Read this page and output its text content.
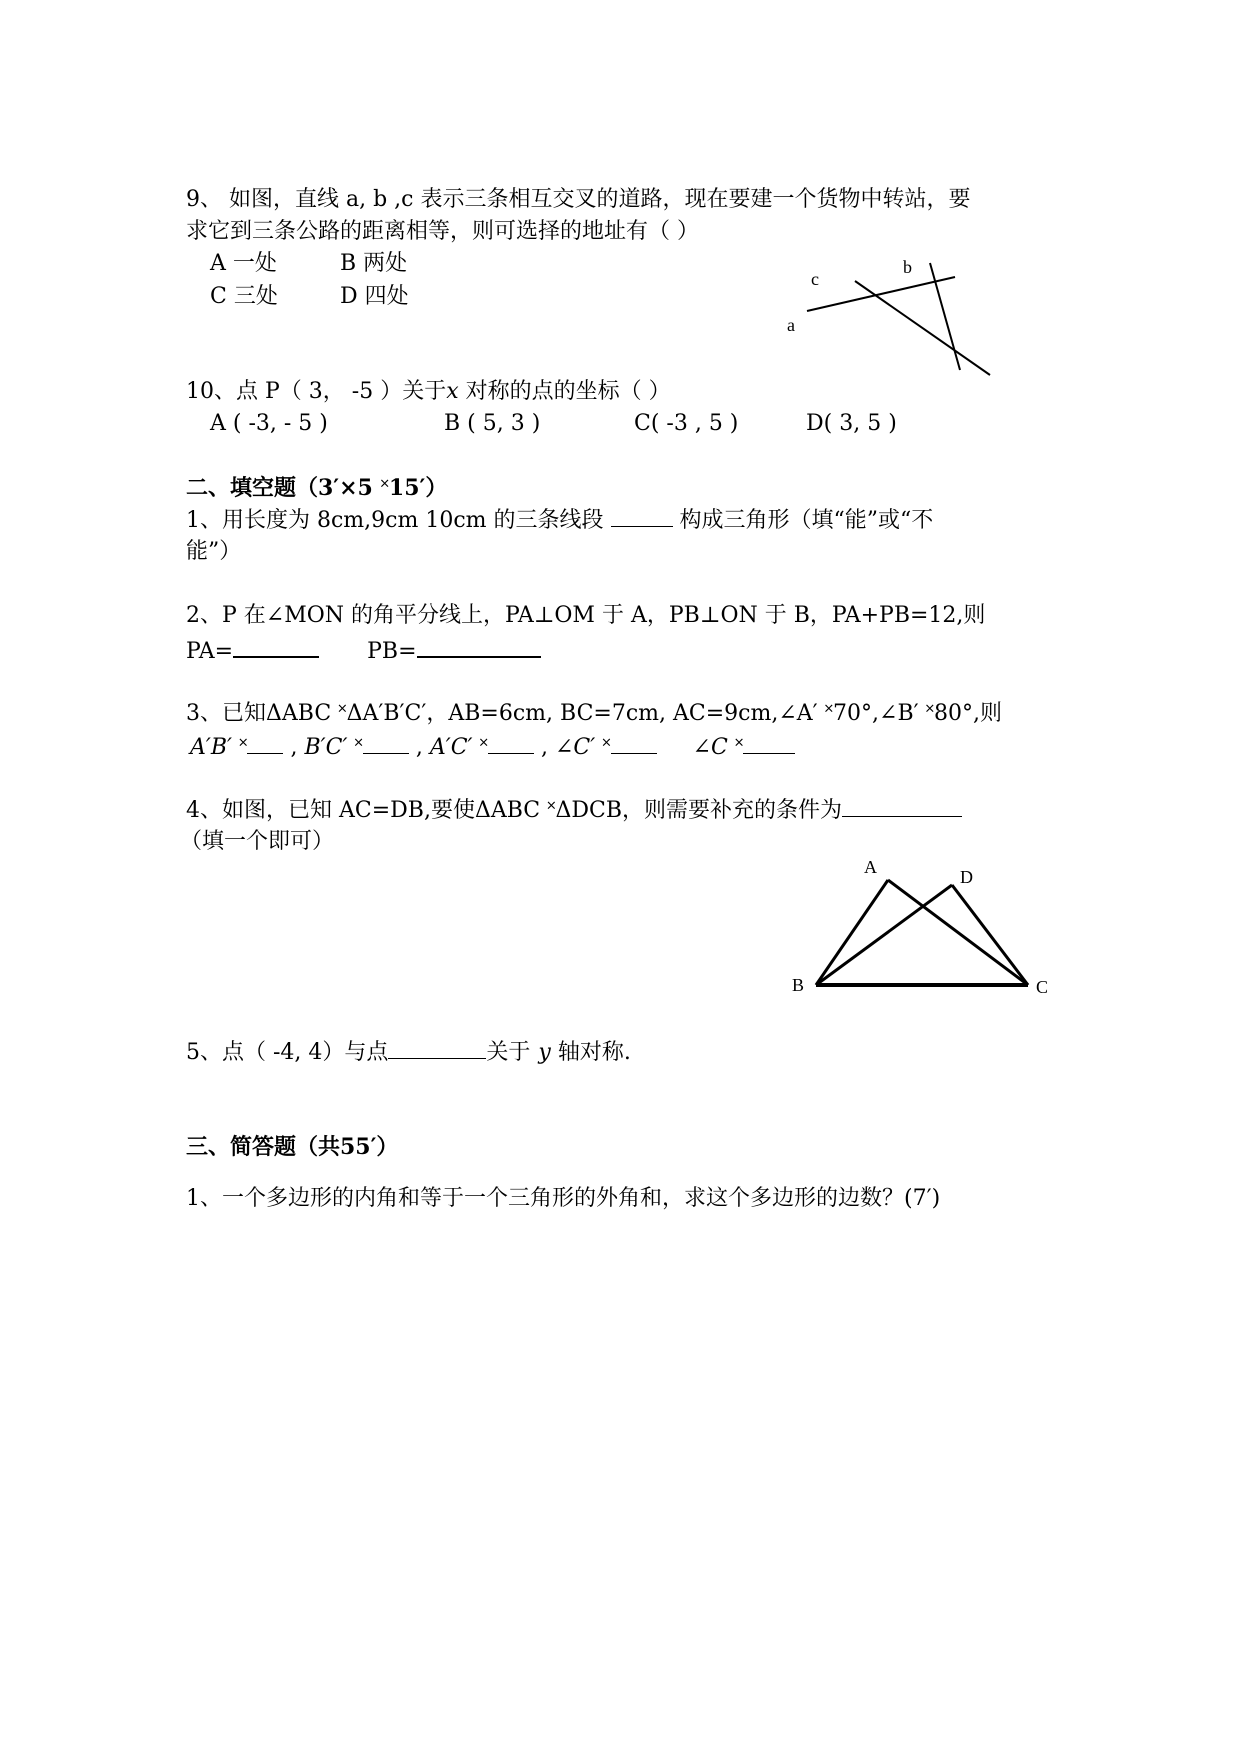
9、 如图，直线 a, b ,c 表示三条相互交叉的道路，现在要建一个货物中转站，要
求它到三条公路的距离相等，则可选择的地址有（ ）
A 一处	B 两处
C 三处	D 四处
c
b
a
10、点 P（ 3， -5 ）关于x 对称的点的坐标（ ）
A ( -3, - 5 )	B ( 5, 3 )	C( -3 , 5 )	D( 3, 5 )
二、填空题（3′×5 ˟15′）
1、用长度为 8cm,9cm 10cm 的三条线段	构成三角形（填“能”或“不
能”）
2、P 在∠MON 的角平分线上，PA⊥OM 于 A，PB⊥ON 于 B，PA+PB=12,则
PA=	PB=
3、已知ΔABC ˟ΔA′B′C′，AB=6cm, BC=7cm, AC=9cm,∠A′ ˟70°,∠B′ ˟80°,则
A′B′ ˟ , B′C′ ˟ , A′C′ ˟ , ∠C′ ˟	∠C ˟
4、如图，已知 AC=DB,要使ΔABC ˟ΔDCB，则需要补充的条件为
（填一个即可）
A	D
B	C
5、点（ -4, 4）与点	关于 y 轴对称.
三、简答题（共55′）
1、一个多边形的内角和等于一个三角形的外角和，求这个多边形的边数？(7′)
